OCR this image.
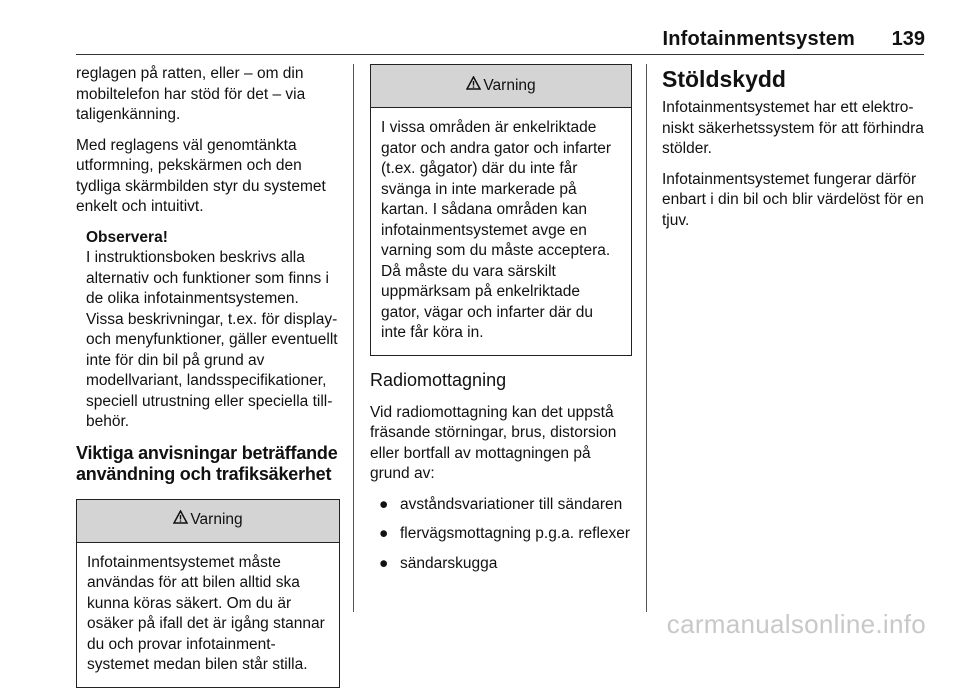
Infotainmentsystem 139

reglagen på ratten, eller – om din mobiltelefon har stöd för det – via taligenkänning.

Med reglagens väl genomtänkta utformning, pekskärmen och den tydliga skärmbilden styr du systemet enkelt och intuitivt.

Observera!
I instruktionsboken beskrivs alla alternativ och funktioner som finns i de olika infotainmentsystemen. Vissa beskrivningar, t.ex. för display- och menyfunktioner, gäller eventuellt inte för din bil på grund av modellvariant, landsspecifikationer, speciell utrustning eller speciella tillbehör.
Viktiga anvisningar beträffande användning och trafiksäkerhet
Varning
Infotainmentsystemet måste användas för att bilen alltid ska kunna köras säkert. Om du är osäker på ifall det är igång stannar du och provar infotainmentsystemet medan bilen står stilla.
Varning
I vissa områden är enkelriktade gator och andra gator och infarter (t.ex. gågator) där du inte får svänga in inte markerade på kartan. I sådana områden kan infotainmentsystemet avge en varning som du måste acceptera. Då måste du vara särskilt uppmärksam på enkelriktade gator, vägar och infarter där du inte får köra in.
Radiomottagning

Vid radiomottagning kan det uppstå fräsande störningar, brus, distorsion eller bortfall av mottagningen på grund av:

● avståndsvariationer till sändaren
● flervägsmottagning p.g.a. reflexer
● sändarskugga
Stöldskydd

Infotainmentsystemet har ett elektroniskt säkerhetssystem för att förhindra stölder.

Infotainmentsystemet fungerar därför enbart i din bil och blir värdelöst för en tjuv.

carmanualsonline.info
